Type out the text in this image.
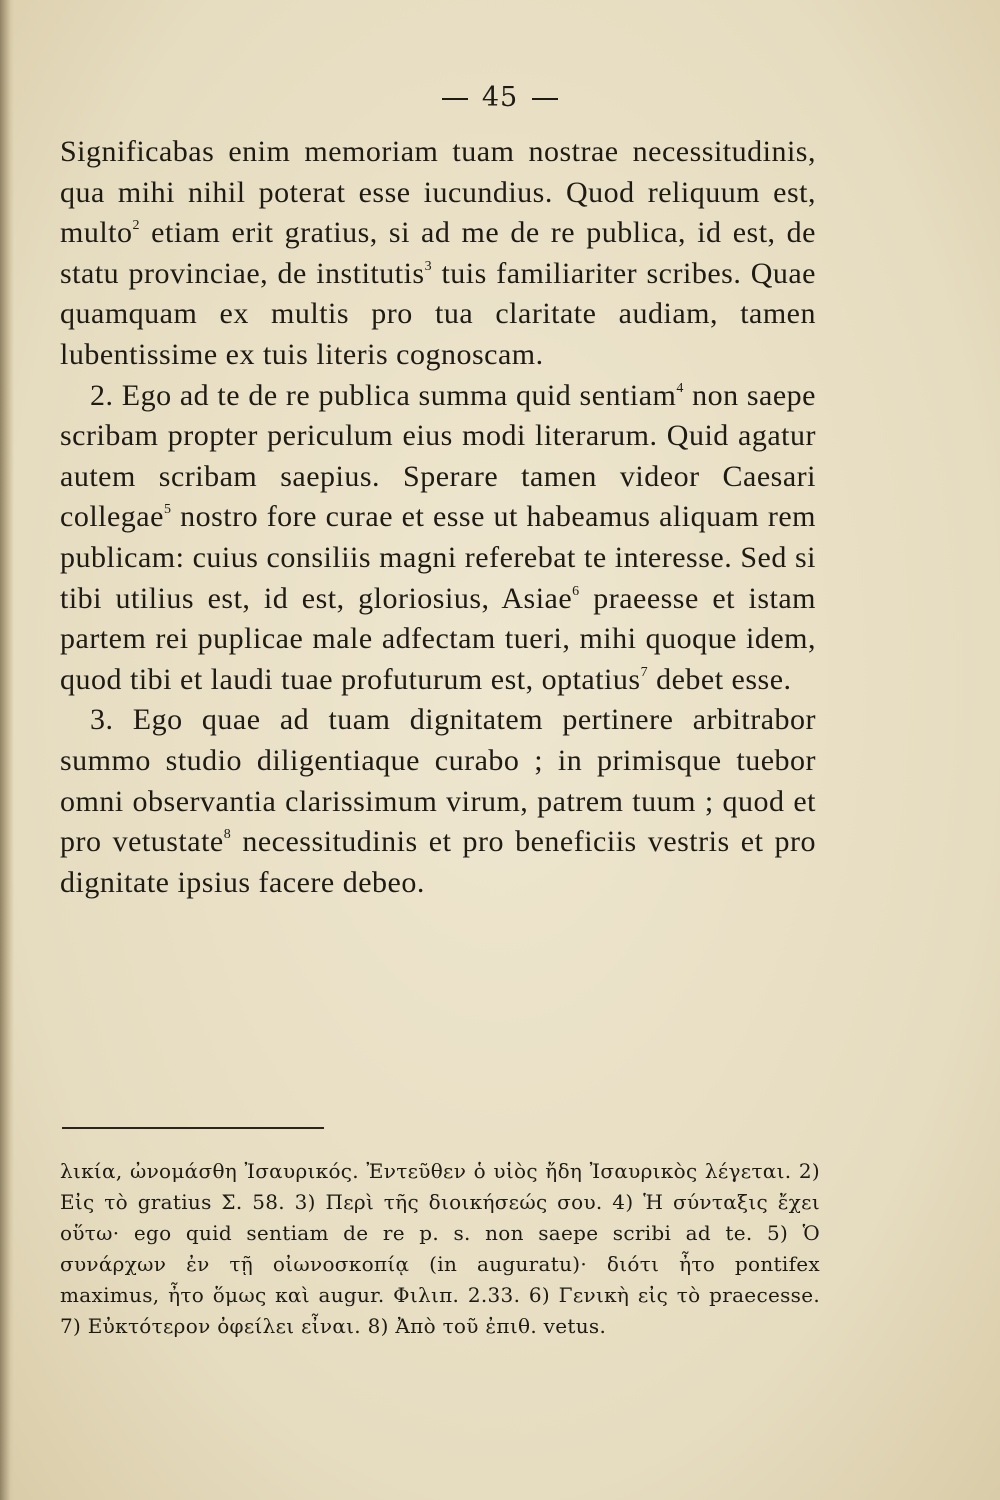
45

Significabas enim memoriam tuam nostrae necessitudinis, qua mihi nihil poterat esse iucundius. Quod reliquum est, multo$^2$ etiam erit gratius, si ad me de re publica, id est, de statu provinciae, de institutis$^3$ tuis familiariter scribes. Quae quamquam ex multis pro tua claritate audiam, tamen lubentissime ex tuis literis cognoscam.

2. Ego ad te de re publica summa quid sentiam$^4$ non saepe scribam propter periculum eius modi literarum. Quid agatur autem scribam saepius. Sperare tamen videor Caesari collegae$^5$ nostro fore curae et esse ut habeamus aliquam rem publicam: cuius consiliis magni referebat te interesse. Sed si tibi utilius est, id est, gloriosius, Asiae$^6$ praeesse et istam partem rei puplicae male adfectam tueri, mihi quoque idem, quod tibi et laudi tuae profuturum est, optatius$^7$ debet esse.

3. Ego quae ad tuam dignitatem pertinere arbitrabor summo studio diligentiaque curabo ; in primisque tuebor omni observantia clarissimum virum, patrem tuum ; quod et pro vetustate$^8$ necessitudinis et pro beneficiis vestris et pro dignitate ipsius facere debeo.

λικία, ὠνομάσθη Ἰσαυρικός. Ἐντεῦθεν ὁ υἱὸς ἤδη Ἰσαυρικὸς λέγεται. 2) Εἰς τὸ gratius Σ. 58. 3) Περὶ τῆς διοικήσεώς σου. 4) Ἡ σύνταξις ἔχει οὕτω· ego quid sentiam de re p. s. non saepe scribi ad te. 5) Ὁ συνάρχων ἐν τῇ οἰωνοσκοπίᾳ (in auguratu)· διότι ἦτο pontifex maximus, ἦτο ὅμως καὶ augur. Φιλιπ. 2.33. 6) Γενικὴ εἰς τὸ praecesse. 7) Εὐκτότερον ὀφείλει εἶναι. 8) Ἀπὸ τοῦ ἐπιθ. vetus.
